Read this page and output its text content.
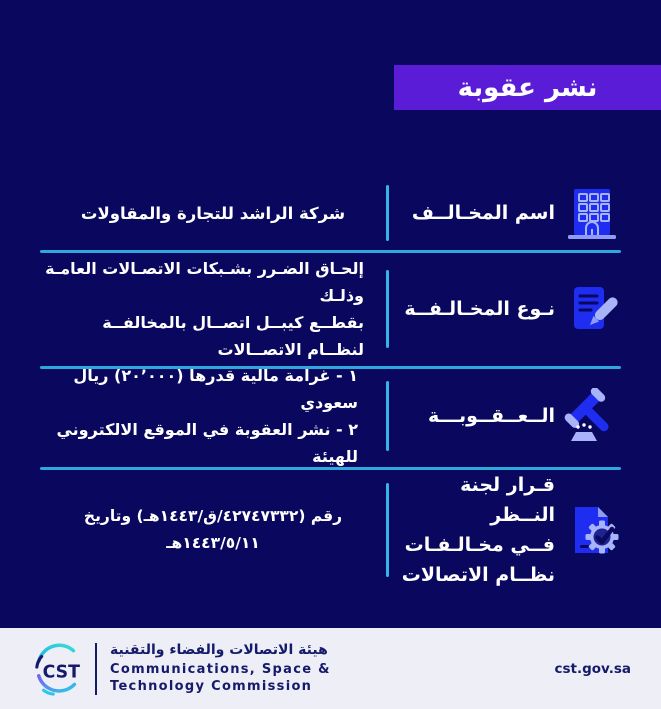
نشر عقوبة
اسم المخـالــف
شركة الراشد للتجارة والمقاولات
نـوع المخـالـفــة
إلحـاق الضـرر بشـبكات الاتصـالات العامـة وذلـك
بقطــع كيبــل اتصــال بالمخالفــة لنظــام الاتصــالات
الــعــقــوبـــة
١ - غرامة مالية قدرها (٢٠٬٠٠٠) ريال سعودي
٢ - نشر العقوبة في الموقع الالكتروني للهيئة
قـرار لجنة النــظر
فــي مخـالـفـات
نظــام الاتصالات
رقم (٤٢٧٤٧٣٣٢/ق/١٤٤٣هـ) وتاريخ ١٤٤٣/٥/١١هـ
CST
هيئة الاتصالات والفضاء والتقنية
Communications, Space &
Technology Commission
cst.gov.sa
